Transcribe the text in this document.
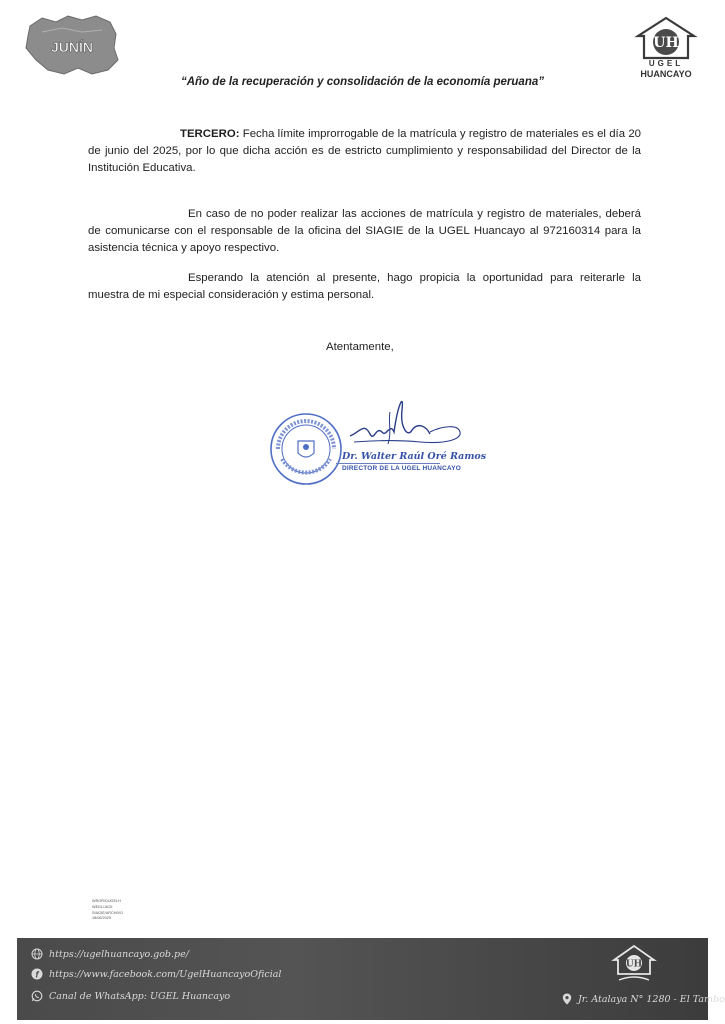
JUNÍN	UH
UGEL
HUANCAYO
“Año de la recuperación y consolidación de la economía peruana”
TERCERO: Fecha límite improrrogable de la matrícula y registro de materiales es el día 20 de junio del 2025, por lo que dicha acción es de estricto cumplimiento y responsabilidad del Director de la Institución Educativa.
En caso de no poder realizar las acciones de matrícula y registro de materiales, deberá de comunicarse con el responsable de la oficina del SIAGIE de la UGEL Huancayo al 972160314 para la asistencia técnica y apoyo respectivo.
Esperando la atención al presente, hago propicia la oportunidad para reiterarle la muestra de mi especial consideración y estima personal.
Atentamente,
Dr. Walter Raúl Oré Ramos
DIRECTOR DE LA UGEL HUANCAYO
WROR/DUGELH
WEDL/JAGI
SIAGIE/ARCHIVO
18/06/2025
https://ugelhuancayo.gob.pe/
f https://www.facebook.com/UgelHuancayoOficial
Canal de WhatsApp: UGEL Huancayo
UH
Jr. Atalaya N° 1280 - El Tambo
